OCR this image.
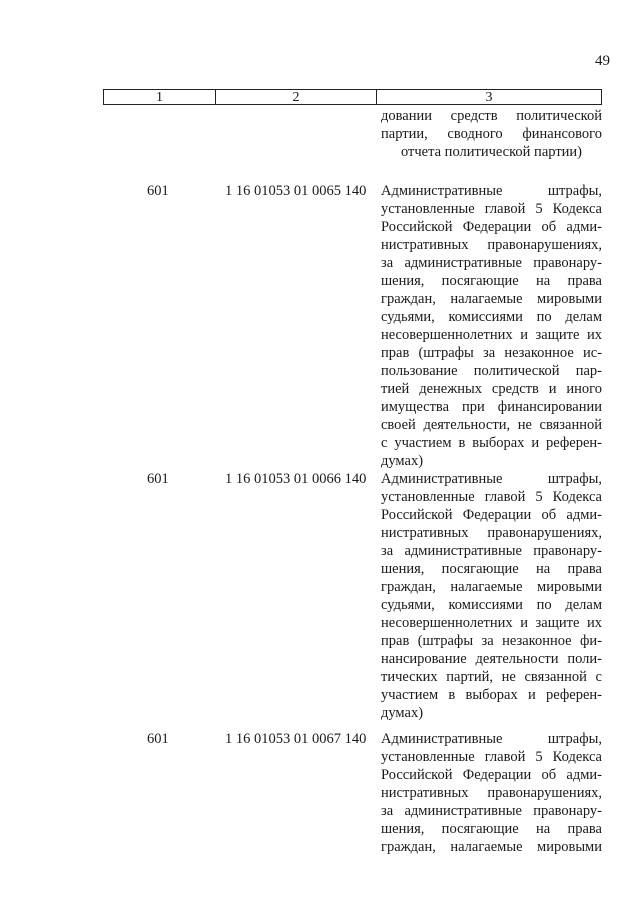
49
1	2	3
довании средств политической
партии, сводного финансового
отчета политической партии)
601	1 16 01053 01 0065 140 Административные штрафы,
установленные главой 5 Кодекса
Российской Федерации об адми-
нистративных правонарушениях,
за административные правонару-
шения, посягающие на права
граждан, налагаемые мировыми
судьями, комиссиями по делам
несовершеннолетних и защите их
прав (штрафы за незаконное ис-
пользование политической пар-
тией денежных средств и иного
имущества при финансировании
своей деятельности, не связанной
с участием в выборах и референ-
думах)
601	1 16 01053 01 0066 140 Административные штрафы,
установленные главой 5 Кодекса
Российской Федерации об адми-
нистративных правонарушениях,
за административные правонару-
шения, посягающие на права
граждан, налагаемые мировыми
судьями, комиссиями по делам
несовершеннолетних и защите их
прав (штрафы за незаконное фи-
нансирование деятельности поли-
тических партий, не связанной с
участием в выборах и референ-
думах)
601	1 16 01053 01 0067 140 Административные штрафы,
установленные главой 5 Кодекса
Российской Федерации об адми-
нистративных правонарушениях,
за административные правонару-
шения, посягающие на права
граждан, налагаемые мировыми
